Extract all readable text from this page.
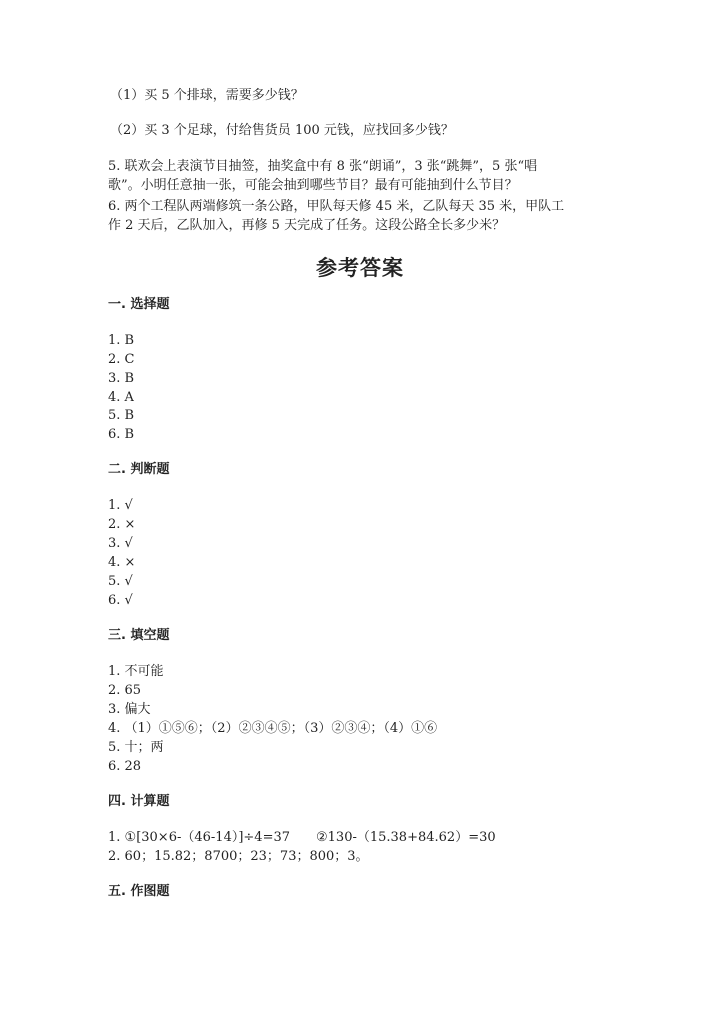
（1）买 5 个排球，需要多少钱？
（2）买 3 个足球，付给售货员 100 元钱，应找回多少钱？
5. 联欢会上表演节目抽签，抽奖盒中有 8 张“朗诵”，3 张“跳舞”，5 张“唱
歌”。小明任意抽一张，可能会抽到哪些节目？最有可能抽到什么节目？
6. 两个工程队两端修筑一条公路，甲队每天修 45 米，乙队每天 35 米，甲队工
作 2 天后，乙队加入，再修 5 天完成了任务。这段公路全长多少米？
参考答案
一. 选择题
1. B
2. C
3. B
4. A
5. B
6. B
二. 判断题
1. √
2. ×
3. √
4. ×
5. √
6. √
三. 填空题
1. 不可能
2. 65
3. 偏大
4. （1）①⑤⑥；（2）②③④⑤；（3）②③④；（4）①⑥
5. 十；两
6. 28
四. 计算题
1. ①[30×6-（46-14）]÷4=37　　②130-（15.38+84.62）=30
2. 60；15.82；8700；23；73；800；3。
五. 作图题
